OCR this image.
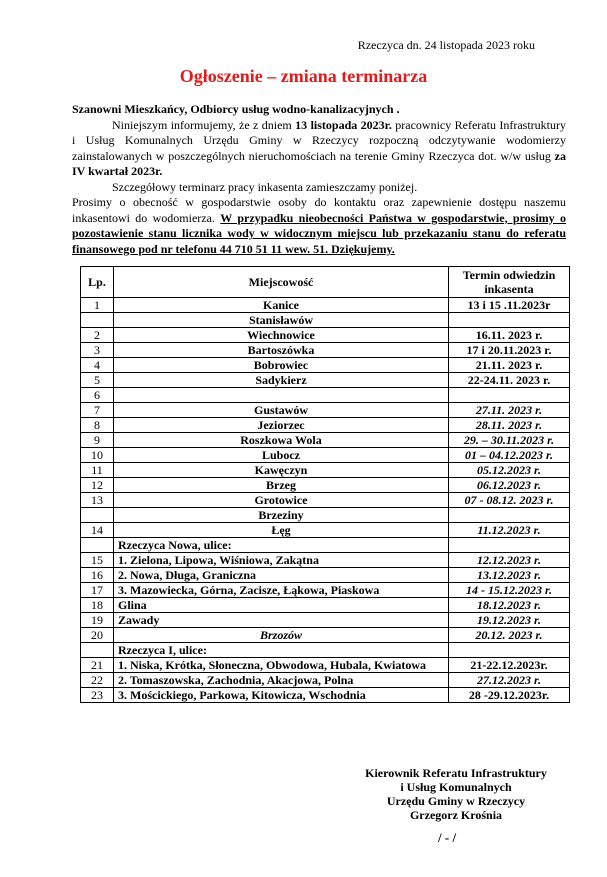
Rzeczyca dn. 24 listopada 2023 roku
Ogłoszenie – zmiana terminarza

Szanowni Mieszkańcy, Odbiorcy usług wodno-kanalizacyjnych .

Niniejszym informujemy, że z dniem 13 listopada 2023r. pracownicy Referatu Infrastruktury i Usług Komunalnych Urzędu Gminy w Rzeczycy rozpoczną odczytywanie wodomierzy zainstalowanych w poszczególnych nieruchomościach na terenie Gminy Rzeczyca dot. w/w usług za IV kwartał 2023r.

Szczegółowy terminarz pracy inkasenta zamieszczamy poniżej.

Prosimy o obecność w gospodarstwie osoby do kontaktu oraz zapewnienie dostępu naszemu inkasentowi do wodomierza. W przypadku nieobecności Państwa w gospodarstwie, prosimy o pozostawienie stanu licznika wody w widocznym miejscu lub przekazaniu stanu do referatu finansowego pod nr telefonu 44 710 51 11 wew. 51. Dziękujemy.

Lp.	Miejscowość	Termin odwiedzin inkasenta
1	Kanice	13 i 15 .11.2023r
	Stanisławów	
2	Wiechnowice	16.11. 2023 r.
3	Bartoszówka	17 i 20.11.2023 r.
4	Bobrowiec	21.11. 2023 r.
5	Sadykierz	22-24.11. 2023 r.
6		
7	Gustawów	27.11. 2023 r.
8	Jeziorzec	28.11. 2023 r.
9	Roszkowa Wola	29. – 30.11.2023 r.
10	Lubocz	01 – 04.12.2023 r.
11	Kawęczyn	05.12.2023 r.
12	Brzeg	06.12.2023 r.
13	Grotowice	07 - 08.12. 2023 r.
	Brzeziny	
14	Łęg	11.12.2023 r.
	Rzeczyca Nowa, ulice:	
15	1. Zielona, Lipowa, Wiśniowa, Zakątna	12.12.2023 r.
16	2. Nowa, Długa, Graniczna	13.12.2023 r.
17	3. Mazowiecka, Górna, Zacisze, Łąkowa, Piaskowa	14 - 15.12.2023 r.
18	Glina	18.12.2023 r.
19	Zawady	19.12.2023 r.
20	Brzozów	20.12. 2023 r.
	Rzeczyca I, ulice:	
21	1. Niska, Krótka, Słoneczna, Obwodowa, Hubala, Kwiatowa	21-22.12.2023r.
22	2. Tomaszowska, Zachodnia, Akacjowa, Polna	27.12.2023 r.
23	3. Mościckiego, Parkowa, Kitowicza, Wschodnia	28 -29.12.2023r.
Kierownik Referatu Infrastruktury
i Usług Komunalnych
Urzędu Gminy w Rzeczycy
Grzegorz Krośnia
/ - /
